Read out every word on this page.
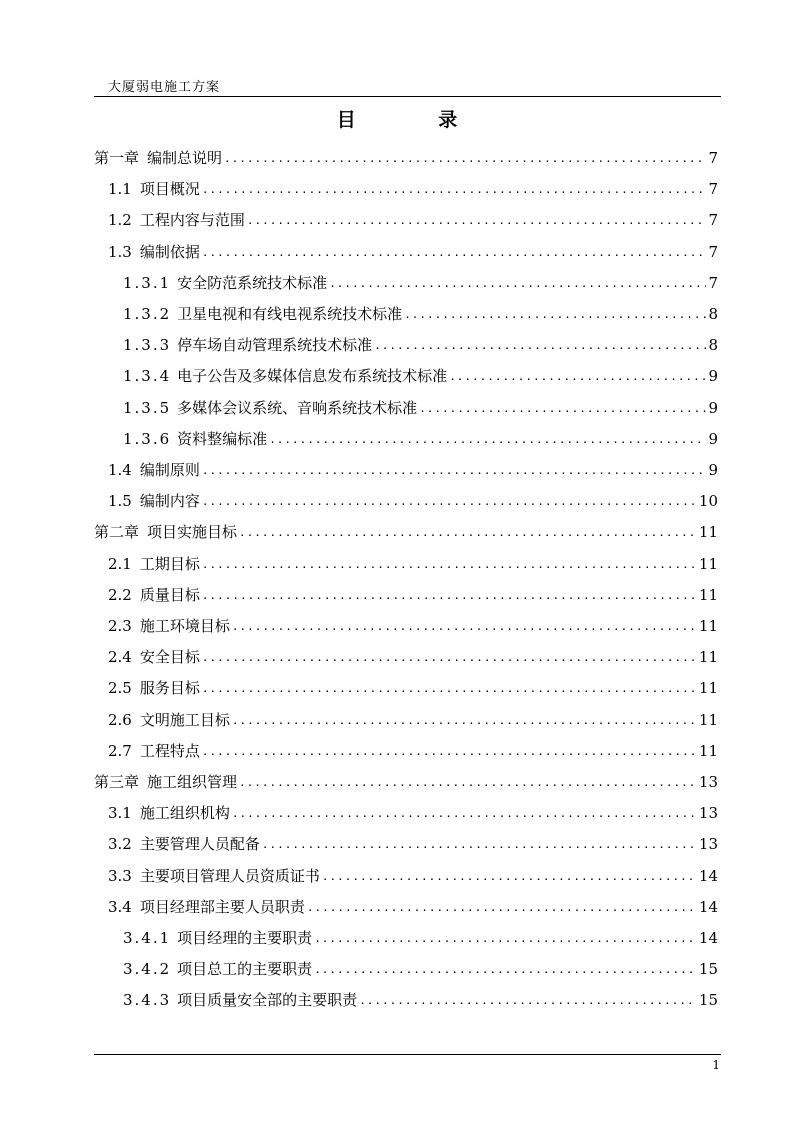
大厦弱电施工方案
目 录
第一章 编制总说明 .....	7
1.1 项目概况 .....	7
1.2 工程内容与范围 .....	7
1.3 编制依据 .....	7
1.3.1 安全防范系统技术标准 .....	7
1.3.2 卫星电视和有线电视系统技术标准 .....	8
1.3.3 停车场自动管理系统技术标准 .....	8
1.3.4 电子公告及多媒体信息发布系统技术标准 .....	9
1.3.5 多媒体会议系统、音响系统技术标准 .....	9
1.3.6 资料整编标准 .....	9
1.4 编制原则 .....	9
1.5 编制内容 .....	10
第二章 项目实施目标 .....	11
2.1 工期目标 .....	11
2.2 质量目标 .....	11
2.3 施工环境目标 .....	11
2.4 安全目标 .....	11
2.5 服务目标 .....	11
2.6 文明施工目标 .....	11
2.7 工程特点 .....	11
第三章 施工组织管理 .....	13
3.1 施工组织机构 .....	13
3.2 主要管理人员配备 .....	13
3.3 主要项目管理人员资质证书 .....	14
3.4 项目经理部主要人员职责 .....	14
3.4.1 项目经理的主要职责 .....	14
3.4.2 项目总工的主要职责 .....	15
3.4.3 项目质量安全部的主要职责 .....	15
1
